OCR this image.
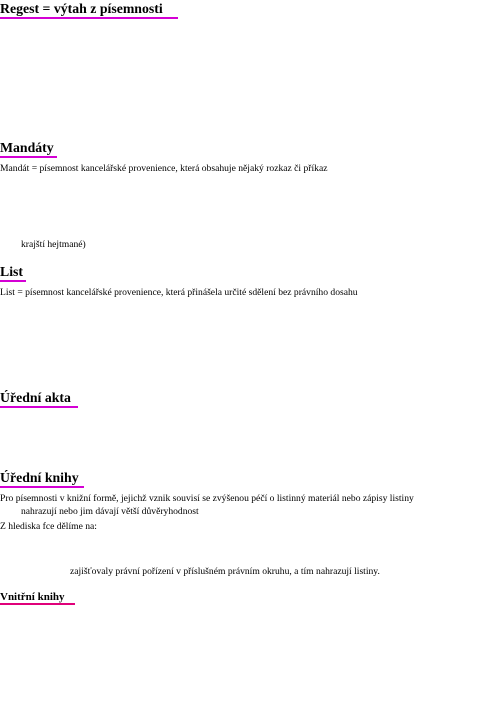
Regest = výtah z písemnosti
Mandáty
Mandát = písemnost kancelářské provenience, která obsahuje nějaký rozkaz či příkaz
krajští hejtmané)
List
List = písemnost kancelářské provenience, která přinášela určité sdělení bez právního dosahu
Úřední akta
Úřední knihy
Pro písemnosti v knižní formě, jejichž vznik souvisí se zvýšenou péčí o listinný materiál nebo zápisy listiny
nahrazují nebo jim dávají větší důvěryhodnost
Z hlediska fce dělíme na:
zajišťovaly právní pořízení v příslušném právním okruhu, a tím nahrazují listiny.
Vnitřní knihy
